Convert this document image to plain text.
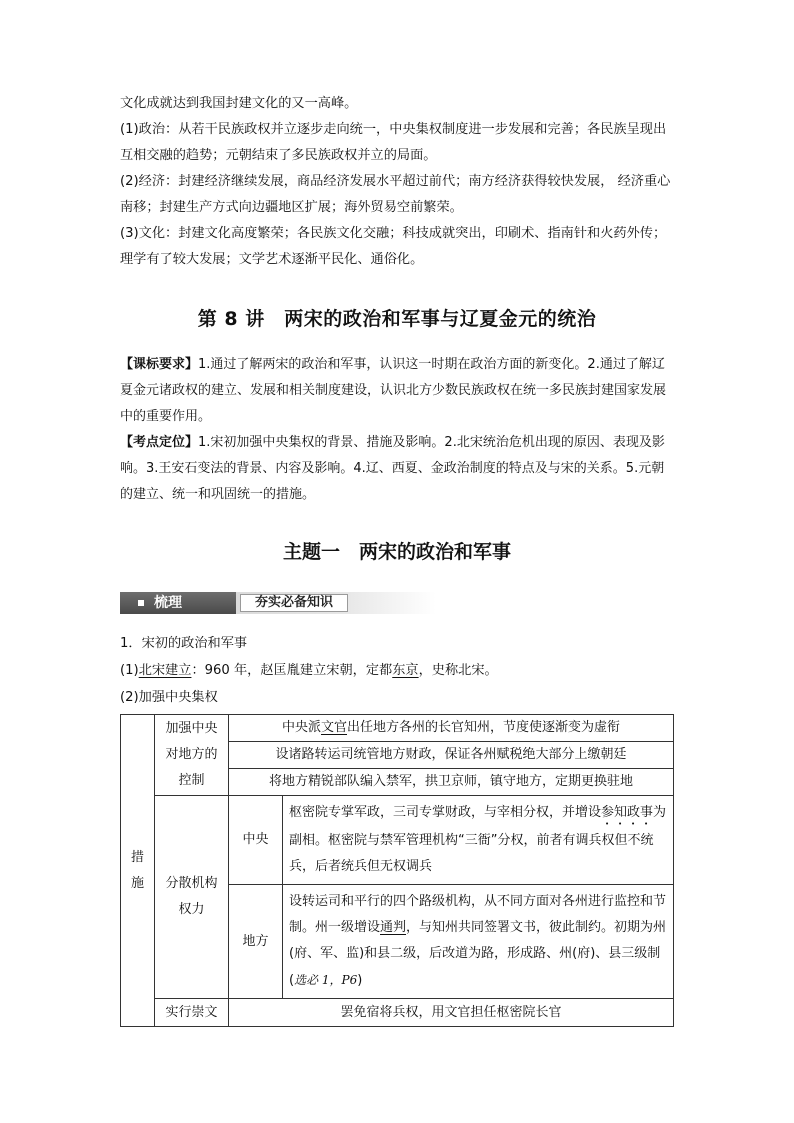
文化成就达到我国封建文化的又一高峰。

(1)政治：从若干民族政权并立逐步走向统一，中央集权制度进一步发展和完善；各民族呈现出互相交融的趋势；元朝结束了多民族政权并立的局面。

(2)经济：封建经济继续发展，商品经济发展水平超过前代；南方经济获得较快发展， 经济重心南移；封建生产方式向边疆地区扩展；海外贸易空前繁荣。

(3)文化：封建文化高度繁荣；各民族文化交融；科技成就突出，印刷术、指南针和火药外传；理学有了较大发展；文学艺术逐渐平民化、通俗化。

第 8 讲　两宋的政治和军事与辽夏金元的统治

【课标要求】1.通过了解两宋的政治和军事，认识这一时期在政治方面的新变化。2.通过了解辽夏金元诸政权的建立、发展和相关制度建设，认识北方少数民族政权在统一多民族封建国家发展中的重要作用。

【考点定位】1.宋初加强中央集权的背景、措施及影响。2.北宋统治危机出现的原因、表现及影响。3.王安石变法的背景、内容及影响。4.辽、西夏、金政治制度的特点及与宋的关系。5.元朝的建立、统一和巩固统一的措施。

主题一　两宋的政治和军事
梳理	夯实必备知识

1．宋初的政治和军事

(1)北宋建立：960 年，赵匡胤建立宋朝，定都东京，史称北宋。

(2)加强中央集权

措施	加强中央对地方的控制	中央派文官出任地方各州的长官知州，节度使逐渐变为虚衔	
		设诸路转运司统管地方财政，保证各州赋税绝大部分上缴朝廷	
		将地方精锐部队编入禁军，拱卫京师，镇守地方，定期更换驻地	
	分散机构权力	中央	枢密院专掌军政，三司专掌财政，与宰相分权，并增设参知政事为副相。枢密院与禁军管理机构“三衙”分权，前者有调兵权但不统兵，后者统兵但无权调兵
		地方	设转运司和平行的四个路级机构，从不同方面对各州进行监控和节制。州一级增设通判，与知州共同签署文书，彼此制约。初期为州(府、军、监)和县二级，后改道为路，形成路、州(府)、县三级制(选必 1，P6)
	实行崇文	罢免宿将兵权，用文官担任枢密院长官	
